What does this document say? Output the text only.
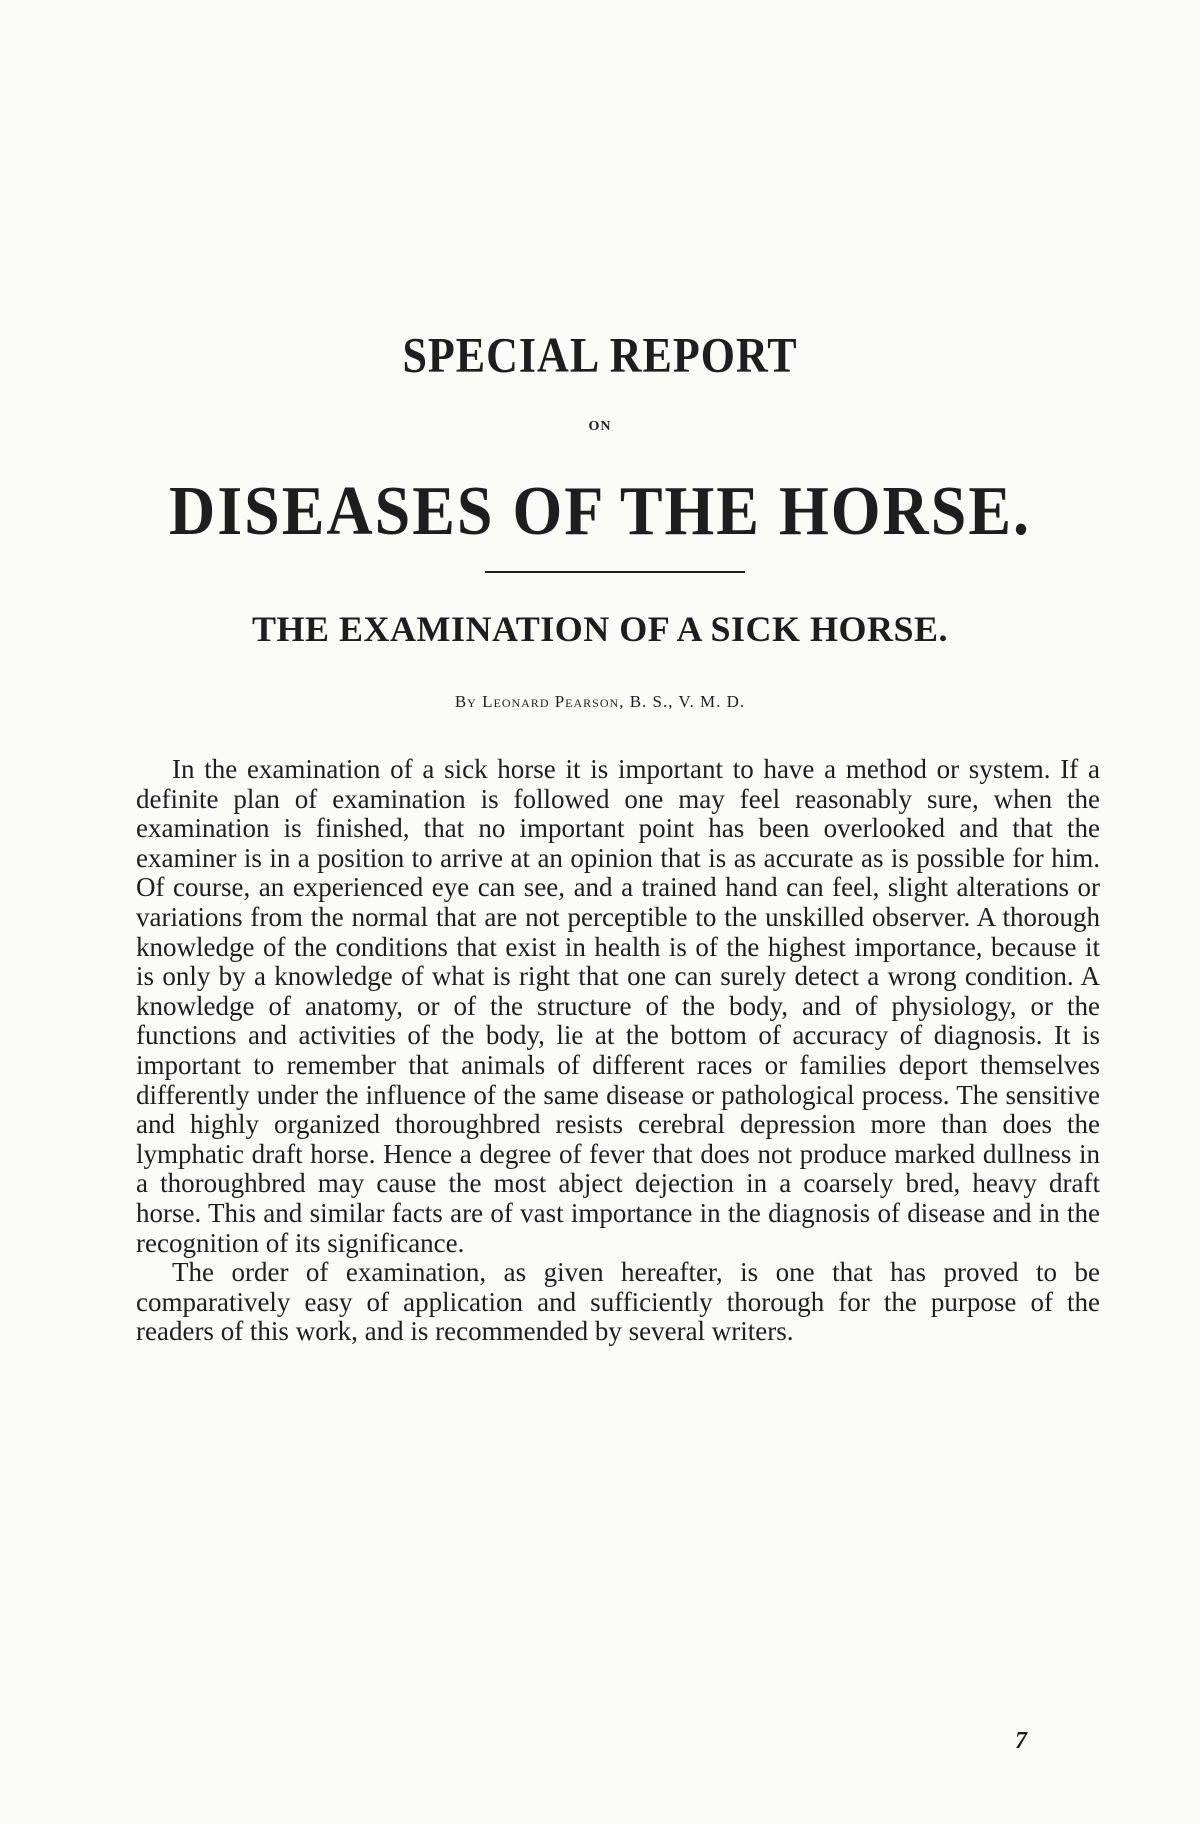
SPECIAL REPORT
ON
DISEASES OF THE HORSE.
THE EXAMINATION OF A SICK HORSE.
By Leonard Pearson, B. S., V. M. D.

In the examination of a sick horse it is important to have a method or system. If a definite plan of examination is followed one may feel reasonably sure, when the examination is finished, that no important point has been overlooked and that the examiner is in a position to arrive at an opinion that is as accurate as is possible for him. Of course, an experienced eye can see, and a trained hand can feel, slight alterations or variations from the normal that are not perceptible to the unskilled observer. A thorough knowledge of the conditions that exist in health is of the highest importance, because it is only by a knowledge of what is right that one can surely detect a wrong condition. A knowledge of anatomy, or of the structure of the body, and of physiology, or the functions and activities of the body, lie at the bottom of accuracy of diagnosis. It is important to remember that animals of different races or families deport themselves differently under the influence of the same disease or pathological process. The sensitive and highly organized thoroughbred resists cerebral depression more than does the lymphatic draft horse. Hence a degree of fever that does not produce marked dullness in a thoroughbred may cause the most abject dejection in a coarsely bred, heavy draft horse. This and similar facts are of vast importance in the diagnosis of disease and in the recognition of its significance.

The order of examination, as given hereafter, is one that has proved to be comparatively easy of application and sufficiently thorough for the purpose of the readers of this work, and is recommended by several writers.

7
